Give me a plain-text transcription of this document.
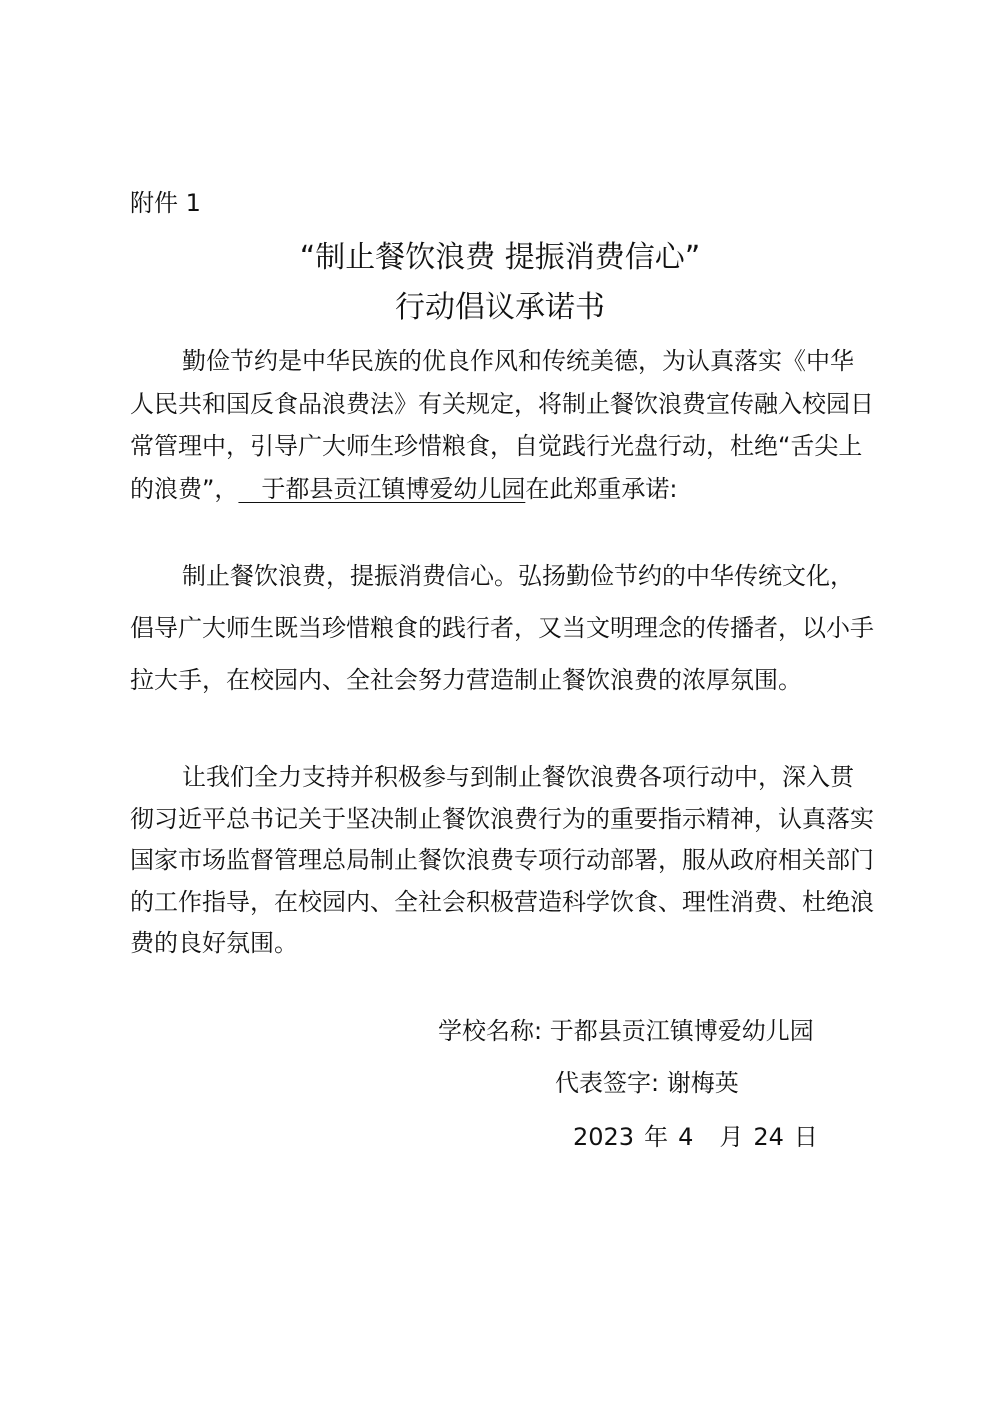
附件 1

“制止餐饮浪费 提振消费信心”
行动倡议承诺书

勤俭节约是中华民族的优良作风和传统美德，为认真落实《中华人民共和国反食品浪费法》有关规定，将制止餐饮浪费宣传融入校园日常管理中，引导广大师生珍惜粮食，自觉践行光盘行动，杜绝“舌尖上的浪费”，   于都县贡江镇博爱幼儿园在此郑重承诺:

制止餐饮浪费，提振消费信心。弘扬勤俭节约的中华传统文化，倡导广大师生既当珍惜粮食的践行者，又当文明理念的传播者，以小手拉大手，在校园内、全社会努力营造制止餐饮浪费的浓厚氛围。

让我们全力支持并积极参与到制止餐饮浪费各项行动中，深入贯彻习近平总书记关于坚决制止餐饮浪费行为的重要指示精神，认真落实国家市场监督管理总局制止餐饮浪费专项行动部署，服从政府相关部门的工作指导，在校园内、全社会积极营造科学饮食、理性消费、杜绝浪费的良好氛围。

学校名称: 于都县贡江镇博爱幼儿园

代表签字: 谢梅英

2023 年 4 月 24 日
